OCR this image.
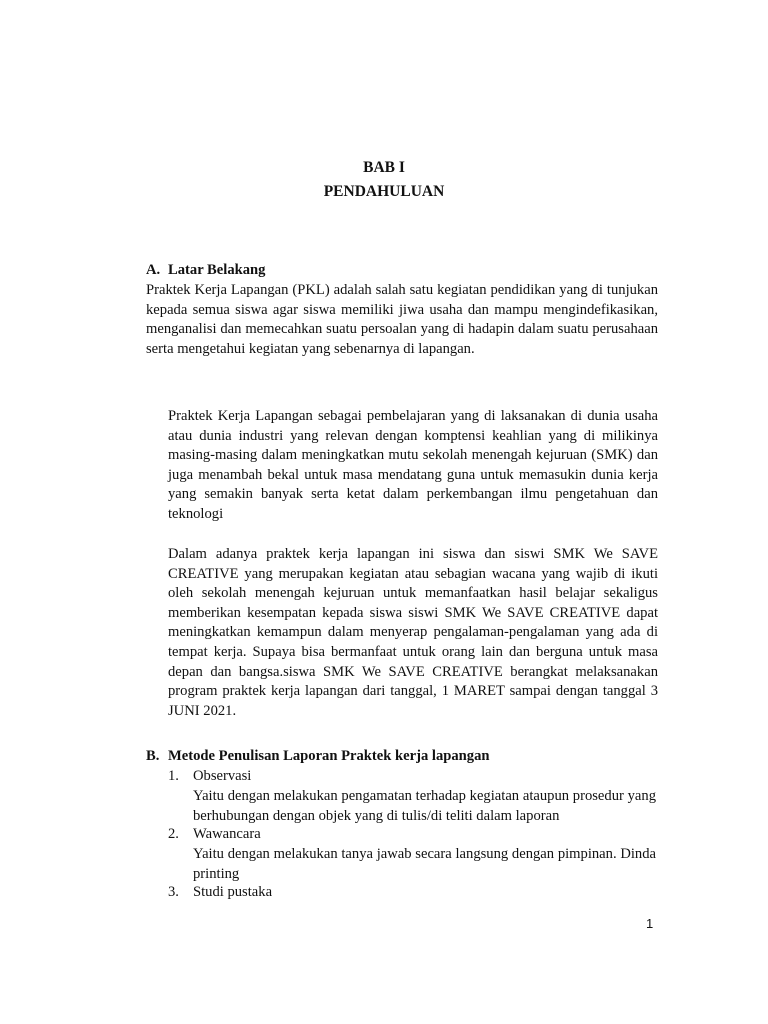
BAB I
PENDAHULUAN
A. Latar Belakang

Praktek Kerja Lapangan (PKL) adalah salah satu kegiatan pendidikan yang di tunjukan kepada semua siswa agar siswa memiliki jiwa usaha dan mampu mengindefikasikan, menganalisi dan memecahkan suatu persoalan yang di hadapin dalam suatu perusahaan serta mengetahui kegiatan yang sebenarnya di lapangan.

Praktek Kerja Lapangan sebagai pembelajaran yang di laksanakan di dunia usaha atau dunia industri yang relevan dengan komptensi keahlian yang di milikinya masing-masing dalam meningkatkan mutu sekolah menengah kejuruan (SMK) dan juga menambah bekal untuk masa mendatang guna untuk memasukin dunia kerja yang semakin banyak serta ketat dalam perkembangan ilmu pengetahuan dan teknologi

Dalam adanya praktek kerja lapangan ini siswa dan siswi SMK We SAVE CREATIVE yang merupakan kegiatan atau sebagian wacana yang wajib di ikuti oleh sekolah menengah kejuruan untuk memanfaatkan hasil belajar sekaligus memberikan kesempatan kepada siswa siswi SMK We SAVE CREATIVE dapat meningkatkan kemampun dalam menyerap pengalaman-pengalaman yang ada di tempat kerja. Supaya bisa bermanfaat untuk orang lain dan berguna untuk masa depan dan bangsa.siswa SMK We SAVE CREATIVE berangkat melaksanakan program praktek kerja lapangan dari tanggal, 1 MARET sampai dengan tanggal 3 JUNI 2021.

B. Metode Penulisan Laporan Praktek kerja lapangan
1. Observasi
Yaitu dengan melakukan pengamatan terhadap kegiatan ataupun prosedur yang berhubungan dengan objek yang di tulis/di teliti dalam laporan
2. Wawancara
Yaitu dengan melakukan tanya jawab secara langsung dengan pimpinan. Dinda printing
3. Studi pustaka
1
